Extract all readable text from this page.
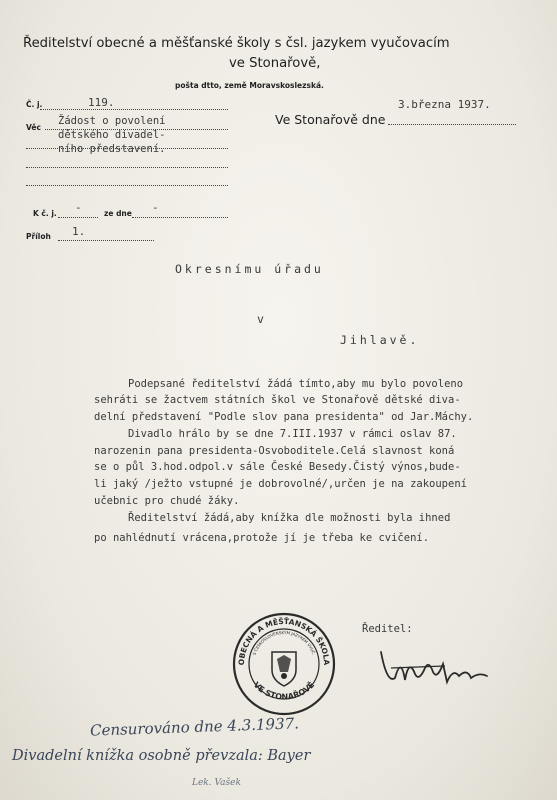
Ředitelství obecné a měšťanské školy s čsl. jazykem vyučovacím
ve Stonařově,
pošta dtto, země Moravskoslezská.
Č. j.	119.	3.března 1937.
Ve Stonařově dne
Věc
Žádost o povolení
dětského divadel-
ního představení.
K č. j. -	ze dne -
Příloh 1.
Okresnímu úřadu
v
Jihlavě.
Podepsané ředitelství žádá tímto,aby mu bylo povoleno
sehráti se žactvem státních škol ve Stonařově dětské diva-
delní představení "Podle slov pana presidenta" od Jar.Máchy.
Divadlo hrálo by se dne 7.III.1937 v rámci oslav 87.
narozenin pana presidenta-Osvoboditele.Celá slavnost koná
se o půl 3.hod.odpol.v sále České Besedy.Čistý výnos,bude-
li jaký /ježto vstupné je dobrovolné/,určen je na zakoupení
učebnic pro chudé žáky.
Ředitelství žádá,aby knížka dle možnosti byla ihned
po nahlédnutí vrácena,protože jí je třeba ke cvičení.
OBECNÁ A MĚŠŤANSKÁ ŠKOLA
S ČESKOSLOVENSKÝM JAZYKEM VYUČ.
VE STONAŘOVĚ
Ředitel:
Censurováno dne 4.3.1937.
Divadelní knížka osobně převzala: Bayer
Lek. Vašek
